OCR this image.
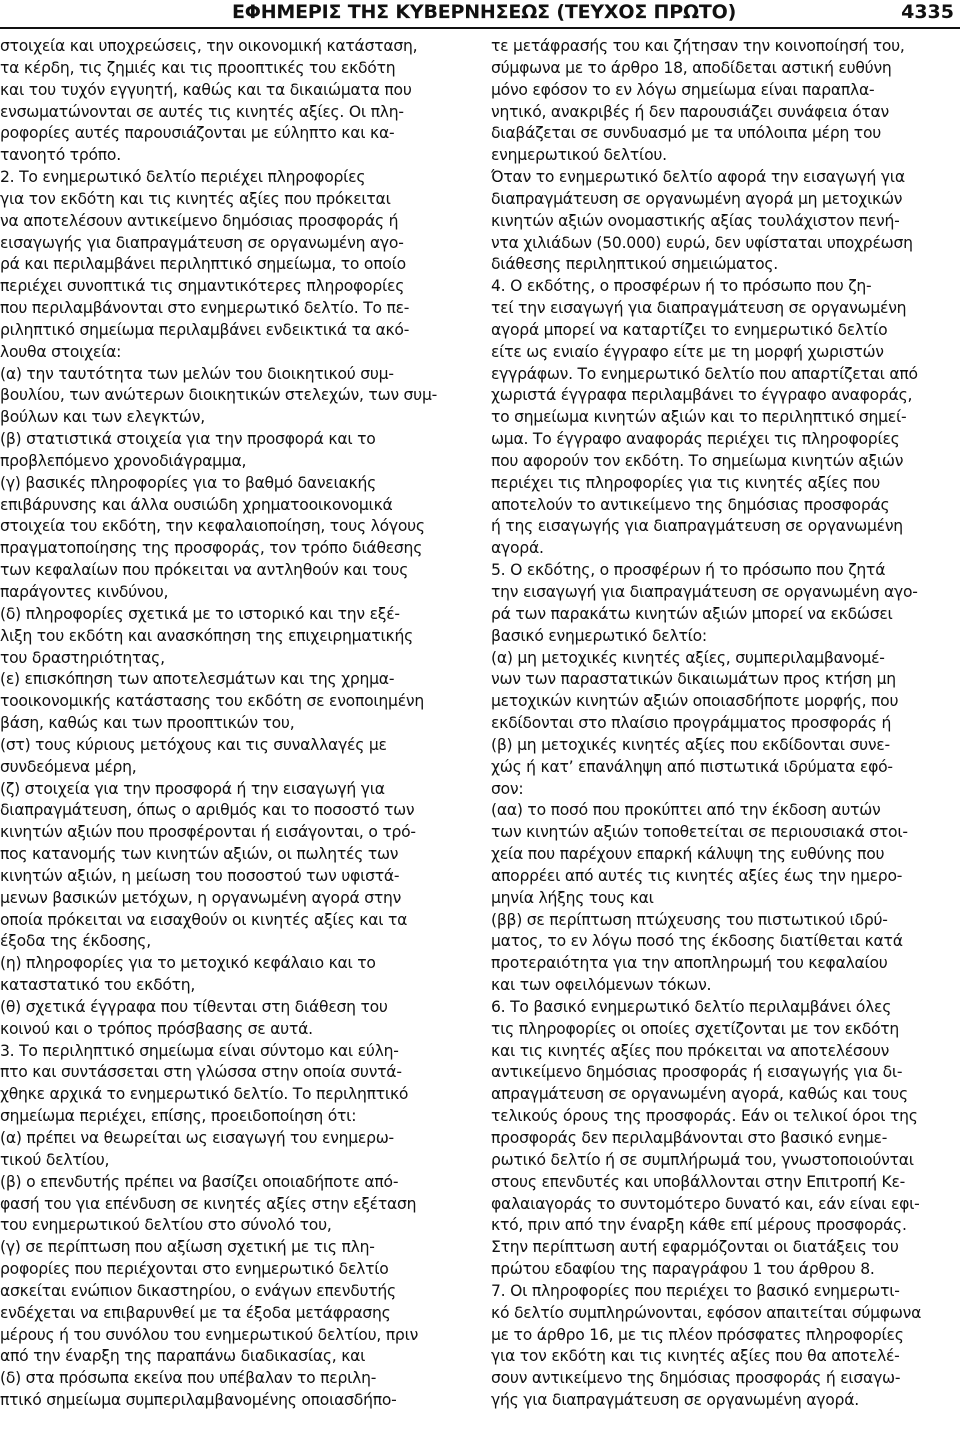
ΕΦΗΜΕΡΙΣ ΤΗΣ ΚΥΒΕΡΝΗΣΕΩΣ (ΤΕΥΧΟΣ ΠΡΩΤΟ)	4335
στοιχεία και υποχρεώσεις, την οικονομική κατάσταση,
τα κέρδη, τις ζημιές και τις προοπτικές του εκδότη
και του τυχόν εγγυητή, καθώς και τα δικαιώματα που
ενσωματώνονται σε αυτές τις κινητές αξίες. Οι πλη-
ροφορίες αυτές παρουσιάζονται με εύληπτο και κα-
τανοητό τρόπο.
2. Το ενημερωτικό δελτίο περιέχει πληροφορίες
για τον εκδότη και τις κινητές αξίες που πρόκειται
να αποτελέσουν αντικείμενο δημόσιας προσφοράς ή
εισαγωγής για διαπραγμάτευση σε οργανωμένη αγο-
ρά και περιλαμβάνει περιληπτικό σημείωμα, το οποίο
περιέχει συνοπτικά τις σημαντικότερες πληροφορίες
που περιλαμβάνονται στο ενημερωτικό δελτίο. Το πε-
ριληπτικό σημείωμα περιλαμβάνει ενδεικτικά τα ακό-
λουθα στοιχεία:
(α) την ταυτότητα των μελών του διοικητικού συμ-
βουλίου, των ανώτερων διοικητικών στελεχών, των συμ-
βούλων και των ελεγκτών,
(β) στατιστικά στοιχεία για την προσφορά και το
προβλεπόμενο χρονοδιάγραμμα,
(γ) βασικές πληροφορίες για το βαθμό δανειακής
επιβάρυνσης και άλλα ουσιώδη χρηματοοικονομικά
στοιχεία του εκδότη, την κεφαλαιοποίηση, τους λόγους
πραγματοποίησης της προσφοράς, τον τρόπο διάθεσης
των κεφαλαίων που πρόκειται να αντληθούν και τους
παράγοντες κινδύνου,
(δ) πληροφορίες σχετικά με το ιστορικό και την εξέ-
λιξη του εκδότη και ανασκόπηση της επιχειρηματικής
του δραστηριότητας,
(ε) επισκόπηση των αποτελεσμάτων και της χρημα-
τοοικονομικής κατάστασης του εκδότη σε ενοποιημένη
βάση, καθώς και των προοπτικών του,
(στ) τους κύριους μετόχους και τις συναλλαγές με
συνδεόμενα μέρη,
(ζ) στοιχεία για την προσφορά ή την εισαγωγή για
διαπραγμάτευση, όπως ο αριθμός και το ποσοστό των
κινητών αξιών που προσφέρονται ή εισάγονται, ο τρό-
πος κατανομής των κινητών αξιών, οι πωλητές των
κινητών αξιών, η μείωση του ποσοστού των υφιστά-
μενων βασικών μετόχων, η οργανωμένη αγορά στην
οποία πρόκειται να εισαχθούν οι κινητές αξίες και τα
έξοδα της έκδοσης,
(η) πληροφορίες για το μετοχικό κεφάλαιο και το
καταστατικό του εκδότη,
(θ) σχετικά έγγραφα που τίθενται στη διάθεση του
κοινού και ο τρόπος πρόσβασης σε αυτά.
3. Το περιληπτικό σημείωμα είναι σύντομο και εύλη-
πτο και συντάσσεται στη γλώσσα στην οποία συντά-
χθηκε αρχικά το ενημερωτικό δελτίο. Το περιληπτικό
σημείωμα περιέχει, επίσης, προειδοποίηση ότι:
(α) πρέπει να θεωρείται ως εισαγωγή του ενημερω-
τικού δελτίου,
(β) ο επενδυτής πρέπει να βασίζει οποιαδήποτε από-
φασή του για επένδυση σε κινητές αξίες στην εξέταση
του ενημερωτικού δελτίου στο σύνολό του,
(γ) σε περίπτωση που αξίωση σχετική με τις πλη-
ροφορίες που περιέχονται στο ενημερωτικό δελτίο
ασκείται ενώπιον δικαστηρίου, ο ενάγων επενδυτής
ενδέχεται να επιβαρυνθεί με τα έξοδα μετάφρασης
μέρους ή του συνόλου του ενημερωτικού δελτίου, πριν
από την έναρξη της παραπάνω διαδικασίας, και
(δ) στα πρόσωπα εκείνα που υπέβαλαν το περιλη-
πτικό σημείωμα συμπεριλαμβανομένης οποιασδήπο-
τε μετάφρασής του και ζήτησαν την κοινοποίησή του,
σύμφωνα με το άρθρο 18, αποδίδεται αστική ευθύνη
μόνο εφόσον το εν λόγω σημείωμα είναι παραπλα-
νητικό, ανακριβές ή δεν παρουσιάζει συνάφεια όταν
διαβάζεται σε συνδυασμό με τα υπόλοιπα μέρη του
ενημερωτικού δελτίου.
Όταν το ενημερωτικό δελτίο αφορά την εισαγωγή για
διαπραγμάτευση σε οργανωμένη αγορά μη μετοχικών
κινητών αξιών ονομαστικής αξίας τουλάχιστον πενή-
ντα χιλιάδων (50.000) ευρώ, δεν υφίσταται υποχρέωση
διάθεσης περιληπτικού σημειώματος.
4. Ο εκδότης, ο προσφέρων ή το πρόσωπο που ζη-
τεί την εισαγωγή για διαπραγμάτευση σε οργανωμένη
αγορά μπορεί να καταρτίζει το ενημερωτικό δελτίο
είτε ως ενιαίο έγγραφο είτε με τη μορφή χωριστών
εγγράφων. Το ενημερωτικό δελτίο που απαρτίζεται από
χωριστά έγγραφα περιλαμβάνει το έγγραφο αναφοράς,
το σημείωμα κινητών αξιών και το περιληπτικό σημεί-
ωμα. Το έγγραφο αναφοράς περιέχει τις πληροφορίες
που αφορούν τον εκδότη. Το σημείωμα κινητών αξιών
περιέχει τις πληροφορίες για τις κινητές αξίες που
αποτελούν το αντικείμενο της δημόσιας προσφοράς
ή της εισαγωγής για διαπραγμάτευση σε οργανωμένη
αγορά.
5. Ο εκδότης, ο προσφέρων ή το πρόσωπο που ζητά
την εισαγωγή για διαπραγμάτευση σε οργανωμένη αγο-
ρά των παρακάτω κινητών αξιών μπορεί να εκδώσει
βασικό ενημερωτικό δελτίο:
(α) μη μετοχικές κινητές αξίες, συμπεριλαμβανομέ-
νων των παραστατικών δικαιωμάτων προς κτήση μη
μετοχικών κινητών αξιών οποιασδήποτε μορφής, που
εκδίδονται στο πλαίσιο προγράμματος προσφοράς ή
(β) μη μετοχικές κινητές αξίες που εκδίδονται συνε-
χώς ή κατ’ επανάληψη από πιστωτικά ιδρύματα εφό-
σον:
(αα) το ποσό που προκύπτει από την έκδοση αυτών
των κινητών αξιών τοποθετείται σε περιουσιακά στοι-
χεία που παρέχουν επαρκή κάλυψη της ευθύνης που
απορρέει από αυτές τις κινητές αξίες έως την ημερο-
μηνία λήξης τους και
(ββ) σε περίπτωση πτώχευσης του πιστωτικού ιδρύ-
ματος, το εν λόγω ποσό της έκδοσης διατίθεται κατά
προτεραιότητα για την αποπληρωμή του κεφαλαίου
και των οφειλόμενων τόκων.
6. Το βασικό ενημερωτικό δελτίο περιλαμβάνει όλες
τις πληροφορίες οι οποίες σχετίζονται με τον εκδότη
και τις κινητές αξίες που πρόκειται να αποτελέσουν
αντικείμενο δημόσιας προσφοράς ή εισαγωγής για δι-
απραγμάτευση σε οργανωμένη αγορά, καθώς και τους
τελικούς όρους της προσφοράς. Εάν οι τελικοί όροι της
προσφοράς δεν περιλαμβάνονται στο βασικό ενημε-
ρωτικό δελτίο ή σε συμπλήρωμά του, γνωστοποιούνται
στους επενδυτές και υποβάλλονται στην Επιτροπή Κε-
φαλαιαγοράς το συντομότερο δυνατό και, εάν είναι εφι-
κτό, πριν από την έναρξη κάθε επί μέρους προσφοράς.
Στην περίπτωση αυτή εφαρμόζονται οι διατάξεις του
πρώτου εδαφίου της παραγράφου 1 του άρθρου 8.
7. Οι πληροφορίες που περιέχει το βασικό ενημερωτι-
κό δελτίο συμπληρώνονται, εφόσον απαιτείται σύμφωνα
με το άρθρο 16, με τις πλέον πρόσφατες πληροφορίες
για τον εκδότη και τις κινητές αξίες που θα αποτελέ-
σουν αντικείμενο της δημόσιας προσφοράς ή εισαγω-
γής για διαπραγμάτευση σε οργανωμένη αγορά.
